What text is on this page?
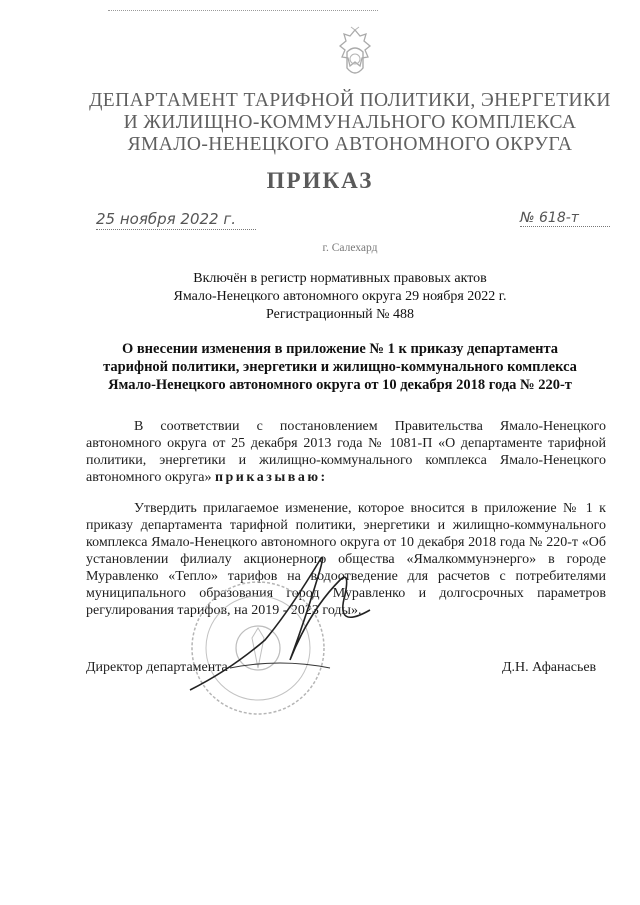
ДЕПАРТАМЕНТ ТАРИФНОЙ ПОЛИТИКИ, ЭНЕРГЕТИКИ
И ЖИЛИЩНО-КОММУНАЛЬНОГО КОМПЛЕКСА
ЯМАЛО-НЕНЕЦКОГО АВТОНОМНОГО ОКРУГА
ПРИКАЗ
25 ноября 2022 г.	№ 618-т
г. Салехард
Включён в регистр нормативных правовых актов
Ямало-Ненецкого автономного округа 29 ноября 2022 г.
Регистрационный № 488
О внесении изменения в приложение № 1 к приказу департамента
тарифной политики, энергетики и жилищно-коммунального комплекса
Ямало-Ненецкого автономного округа от 10 декабря 2018 года № 220-т
В соответствии с постановлением Правительства Ямало-Ненецкого автономного округа от 25 декабря 2013 года № 1081-П «О департаменте тарифной политики, энергетики и жилищно-коммунального комплекса Ямало-Ненецкого автономного округа» приказываю:
Утвердить прилагаемое изменение, которое вносится в приложение № 1 к приказу департамента тарифной политики, энергетики и жилищно-коммунального комплекса Ямало-Ненецкого автономного округа от 10 декабря 2018 года № 220-т «Об установлении филиалу акционерного общества «Ямалкоммунэнерго» в городе Муравленко «Тепло» тарифов на водоотведение для расчетов с потребителями муниципального образования город Муравленко и долгосрочных параметров регулирования тарифов, на 2019 - 2023 годы».
Директор департамента	Д.Н. Афанасьев
